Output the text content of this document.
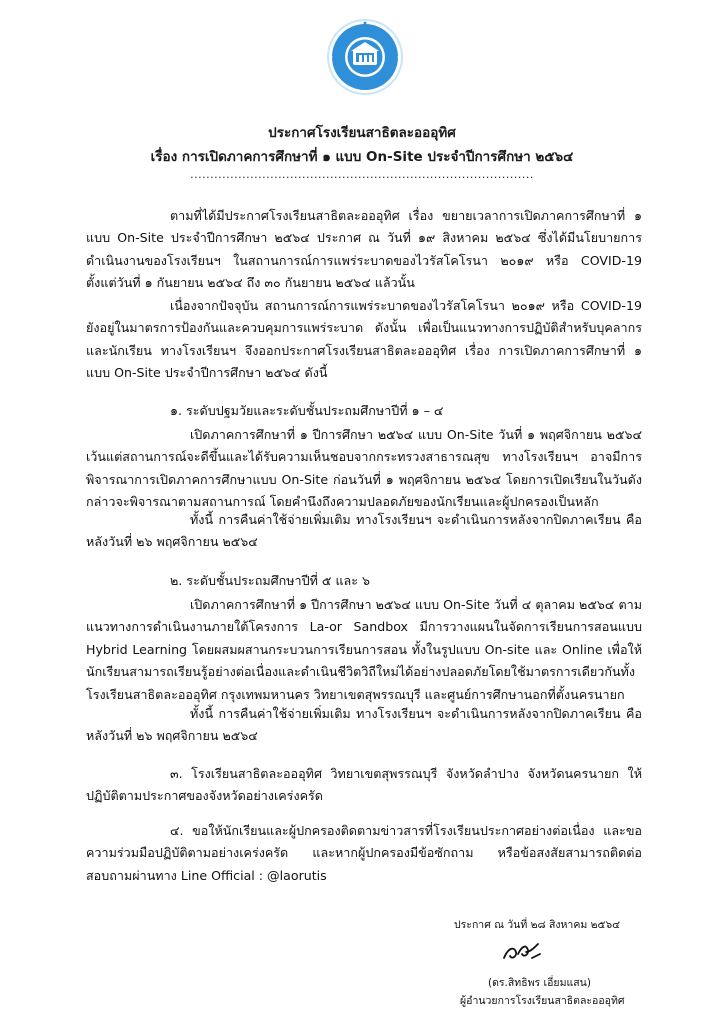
ประกาศโรงเรียนสาธิตละอออุทิศ
เรื่อง การเปิดภาคการศึกษาที่ ๑ แบบ On-Site ประจำปีการศึกษา ๒๕๖๔
......................................................................................
ตามที่ได้มีประกาศโรงเรียนสาธิตละอออุทิศ เรื่อง ขยายเวลาการเปิดภาคการศึกษาที่ ๑ แบบ On-Site ประจำปีการศึกษา ๒๕๖๔ ประกาศ ณ วันที่ ๑๙ สิงหาคม ๒๕๖๔ ซึ่งได้มีนโยบายการดำเนินงานของโรงเรียนฯ ในสถานการณ์การแพร่ระบาดของไวรัสโคโรนา ๒๐๑๙ หรือ COVID-19 ตั้งแต่วันที่ ๑ กันยายน ๒๕๖๔ ถึง ๓๐ กันยายน ๒๕๖๔ แล้วนั้น
เนื่องจากปัจจุบัน สถานการณ์การแพร่ระบาดของไวรัสโคโรนา ๒๐๑๙ หรือ COVID-19 ยังอยู่ในมาตรการป้องกันและควบคุมการแพร่ระบาด ดังนั้น เพื่อเป็นแนวทางการปฏิบัติสำหรับบุคลากรและนักเรียน ทางโรงเรียนฯ จึงออกประกาศโรงเรียนสาธิตละอออุทิศ เรื่อง การเปิดภาคการศึกษาที่ ๑ แบบ On-Site ประจำปีการศึกษา ๒๕๖๔ ดังนี้
๑. ระดับปฐมวัยและระดับชั้นประถมศึกษาปีที่ ๑ – ๔
เปิดภาคการศึกษาที่ ๑ ปีการศึกษา ๒๕๖๔ แบบ On-Site วันที่ ๑ พฤศจิกายน ๒๕๖๔ เว้นแต่สถานการณ์จะดีขึ้นและได้รับความเห็นชอบจากกระทรวงสาธารณสุข ทางโรงเรียนฯ อาจมีการพิจารณาการเปิดภาคการศึกษาแบบ On-Site ก่อนวันที่ ๑ พฤศจิกายน ๒๕๖๔ โดยการเปิดเรียนในวันดังกล่าวจะพิจารณาตามสถานการณ์ โดยคำนึงถึงความปลอดภัยของนักเรียนและผู้ปกครองเป็นหลัก
ทั้งนี้ การคืนค่าใช้จ่ายเพิ่มเติม ทางโรงเรียนฯ จะดำเนินการหลังจากปิดภาคเรียน คือ หลังวันที่ ๒๖ พฤศจิกายน ๒๕๖๔
๒. ระดับชั้นประถมศึกษาปีที่ ๕ และ ๖
เปิดภาคการศึกษาที่ ๑ ปีการศึกษา ๒๕๖๔ แบบ On-Site วันที่ ๔ ตุลาคม ๒๕๖๔ ตามแนวทางการดำเนินงานภายใต้โครงการ La-or Sandbox มีการวางแผนในจัดการเรียนการสอนแบบ Hybrid Learning โดยผสมผสานกระบวนการเรียนการสอน ทั้งในรูปแบบ On-site และ Online เพื่อให้นักเรียนสามารถเรียนรู้อย่างต่อเนื่องและดำเนินชีวิตวิถีใหม่ได้อย่างปลอดภัยโดยใช้มาตรการเดียวกันทั้งโรงเรียนสาธิตละอออุทิศ กรุงเทพมหานคร วิทยาเขตสุพรรณบุรี และศูนย์การศึกษานอกที่ตั้งนครนายก
ทั้งนี้ การคืนค่าใช้จ่ายเพิ่มเติม ทางโรงเรียนฯ จะดำเนินการหลังจากปิดภาคเรียน คือ หลังวันที่ ๒๖ พฤศจิกายน ๒๕๖๔
๓. โรงเรียนสาธิตละอออุทิศ วิทยาเขตสุพรรณบุรี จังหวัดลำปาง จังหวัดนครนายก ให้ปฏิบัติตามประกาศของจังหวัดอย่างเคร่งครัด
๔. ขอให้นักเรียนและผู้ปกครองติดตามข่าวสารที่โรงเรียนประกาศอย่างต่อเนื่อง และขอความร่วมมือปฏิบัติตามอย่างเคร่งครัด และหากผู้ปกครองมีข้อซักถาม หรือข้อสงสัยสามารถติดต่อสอบถามผ่านทาง Line Official : @laorutis
ประกาศ ณ วันที่ ๒๘ สิงหาคม ๒๕๖๔
(ดร.สิทธิพร เอี่ยมแสน)
ผู้อำนวยการโรงเรียนสาธิตละอออุทิศ
